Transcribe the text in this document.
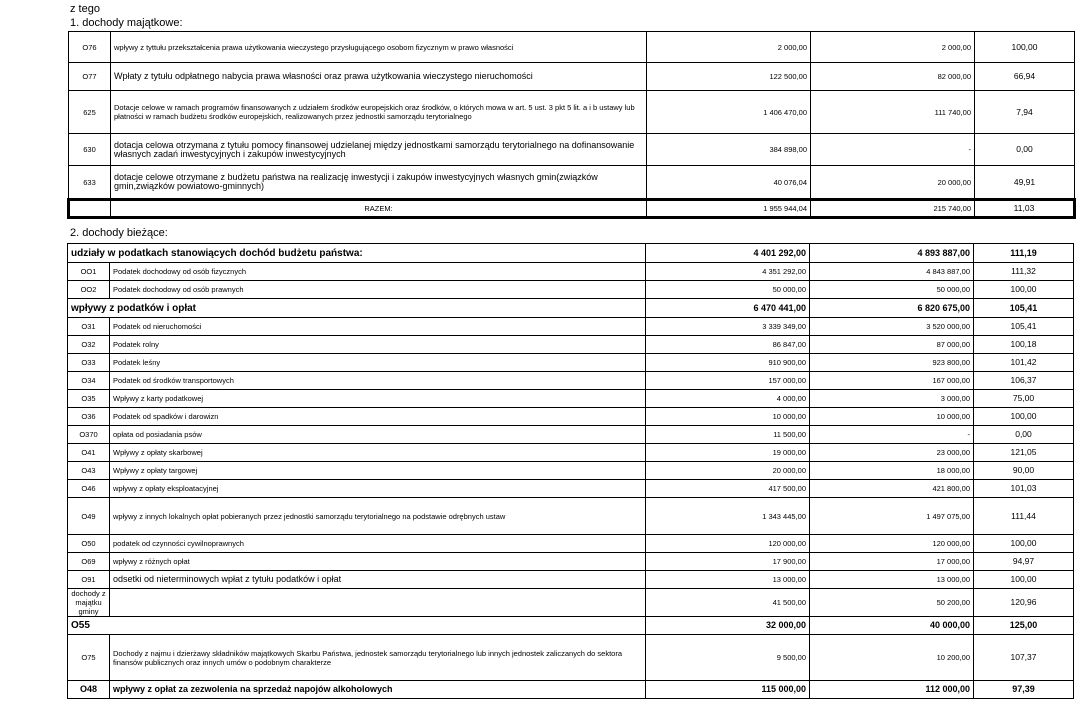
z tego
1. dochody majątkowe:
O76	wpływy z tyttułu przekształcenia prawa użytkowania wieczystego przysługującego osobom fizycznym w prawo własności	2 000,00	2 000,00	100,00
O77	Wpłaty z tytułu odpłatnego nabycia prawa własności oraz prawa użytkowania wieczystego nieruchomości	122 500,00	82 000,00	66,94
625	Dotacje celowe w ramach programów finansowanych z udziałem środków europejskich oraz środków, o których mowa w art. 5 ust. 3 pkt 5 lit. a i b ustawy lub płatności w ramach budżetu środków europejskich, realizowanych przez jednostki samorządu terytorialnego	1 406 470,00	111 740,00	7,94
630	dotacja celowa otrzymana z tytułu pomocy finansowej udzielanej między jednostkami samorządu terytorialnego na dofinansowanie własnych zadań inwestycyjnych i zakupów inwestycyjnych	384 898,00	-	0,00
633	dotacje celowe otrzymane z budżetu państwa na realizację inwestycji i zakupów inwestycyjnych własnych gmin(związków gmin,związków powiatowo-gminnych)	40 076,04	20 000,00	49,91
	RAZEM:	1 955 944,04	215 740,00	11,03
2. dochody bieżące:
udziały w podatkach stanowiących dochód budżetu państwa:		4 401 292,00	4 893 887,00	111,19
OO1	Podatek dochodowy od osób fizycznych	4 351 292,00	4 843 887,00	111,32
OO2	Podatek dochodowy od osób prawnych	50 000,00	50 000,00	100,00
wpływy z podatków i opłat		6 470 441,00	6 820 675,00	105,41
O31	Podatek od nieruchomości	3 339 349,00	3 520 000,00	105,41
O32	Podatek rolny	86 847,00	87 000,00	100,18
O33	Podatek leśny	910 900,00	923 800,00	101,42
O34	Podatek od środków transportowych	157 000,00	167 000,00	106,37
O35	Wpływy z karty podatkowej	4 000,00	3 000,00	75,00
O36	Podatek od spadków i darowizn	10 000,00	10 000,00	100,00
O370	opłata od posiadania psów	11 500,00	-	0,00
O41	Wpływy z opłaty skarbowej	19 000,00	23 000,00	121,05
O43	Wpływy z opłaty targowej	20 000,00	18 000,00	90,00
O46	wpływy z opłaty eksploatacyjnej	417 500,00	421 800,00	101,03
O49	wpływy z innych lokalnych opłat pobieranych przez jednostki samorządu terytorialnego na podstawie odrębnych ustaw	1 343 445,00	1 497 075,00	111,44
O50	podatek od czynności cywilnoprawnych	120 000,00	120 000,00	100,00
O69	wpływy z różnych opłat	17 900,00	17 000,00	94,97
O91	odsetki od nieterminowych wpłat z tytułu podatków i opłat	13 000,00	13 000,00	100,00
dochody z majątku gminy		41 500,00	50 200,00	120,96
O55		32 000,00	40 000,00	125,00
O75	Dochody z najmu i dzierżawy składników majątkowych Skarbu Państwa, jednostek samorządu terytorialnego lub innych jednostek zaliczanych do sektora finansów publicznych oraz innych umów o podobnym charakterze	9 500,00	10 200,00	107,37
O48	wpływy z opłat za zezwolenia na sprzedaż napojów alkoholowych	115 000,00	112 000,00	97,39
